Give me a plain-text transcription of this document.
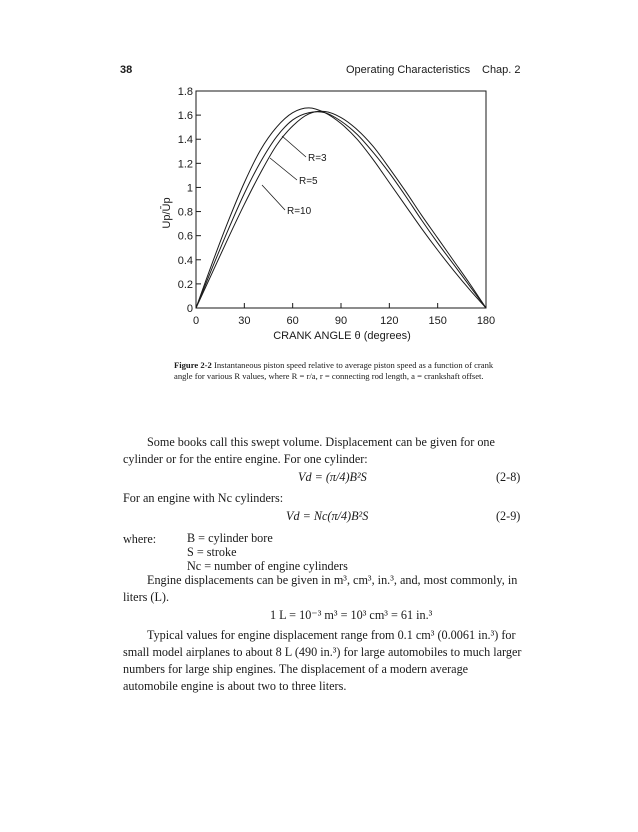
38	Operating Characteristics Chap. 2
0
0.2
0.4
0.6
0.8
1
1.2
1.4
1.6
1.8
0	30	60	90	120	150	180
R=3
R=5
R=10
Up/Ūp
CRANK ANGLE θ (degrees)
Figure 2-2 Instantaneous piston speed relative to average piston speed as a function of crank angle for various R values, where R = r/a, r = connecting rod length, a = crankshaft offset.
Some books call this swept volume. Displacement can be given for one cylinder or for the entire engine. For one cylinder:
Vd = (π/4)B²S	(2-8)
For an engine with Nc cylinders:
Vd = Nc(π/4)B²S	(2-9)
where:	B = cylinder bore
S = stroke
Nc = number of engine cylinders
Engine displacements can be given in m³, cm³, in.³, and, most commonly, in liters (L).
1 L = 10⁻³ m³ = 10³ cm³ = 61 in.³
Typical values for engine displacement range from 0.1 cm³ (0.0061 in.³) for small model airplanes to about 8 L (490 in.³) for large automobiles to much larger numbers for large ship engines. The displacement of a modern average automobile engine is about two to three liters.
